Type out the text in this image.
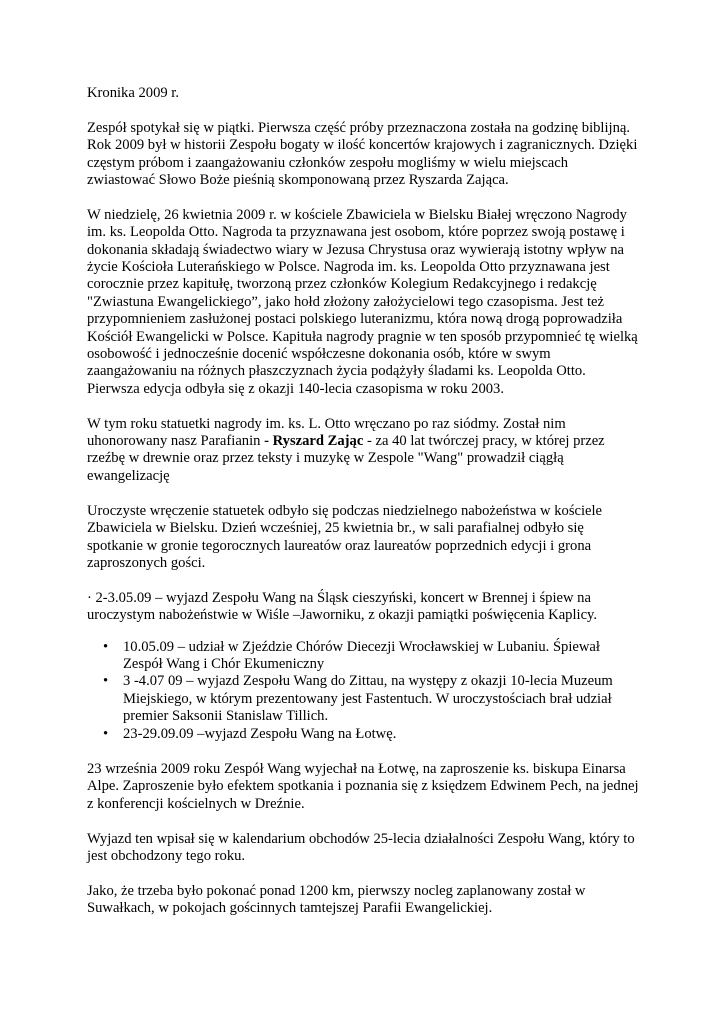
Kronika 2009 r.

Zespół spotykał się w piątki. Pierwsza część próby przeznaczona została na godzinę biblijną.
Rok 2009 był w historii Zespołu bogaty w ilość koncertów krajowych i zagranicznych. Dzięki
częstym próbom i zaangażowaniu członków zespołu mogliśmy w wielu miejscach
zwiastować Słowo Boże pieśnią skomponowaną przez Ryszarda Zająca.

W niedzielę, 26 kwietnia 2009 r. w kościele Zbawiciela w Bielsku Białej wręczono Nagrody
im. ks. Leopolda Otto. Nagroda ta przyznawana jest osobom, które poprzez swoją postawę i
dokonania składają świadectwo wiary w Jezusa Chrystusa oraz wywierają istotny wpływ na
życie Kościoła Luterańskiego w Polsce. Nagroda im. ks. Leopolda Otto przyznawana jest
corocznie przez kapitułę, tworzoną przez członków Kolegium Redakcyjnego i redakcję
"Zwiastuna Ewangelickiego”, jako hołd złożony założycielowi tego czasopisma. Jest też
przypomnieniem zasłużonej postaci polskiego luteranizmu, która nową drogą poprowadziła
Kościół Ewangelicki w Polsce. Kapituła nagrody pragnie w ten sposób przypomnieć tę wielką
osobowość i jednocześnie docenić współczesne dokonania osób, które w swym
zaangażowaniu na różnych płaszczyznach życia podążyły śladami ks. Leopolda Otto.
Pierwsza edycja odbyła się z okazji 140-lecia czasopisma w roku 2003.

W tym roku statuetki nagrody im. ks. L. Otto wręczano po raz siódmy. Został nim
uhonorowany nasz Parafianin - Ryszard Zając - za 40 lat twórczej pracy, w której przez
rzeźbę w drewnie oraz przez teksty i muzykę w Zespole "Wang" prowadził ciągłą
ewangelizację

Uroczyste wręczenie statuetek odbyło się podczas niedzielnego nabożeństwa w kościele
Zbawiciela w Bielsku. Dzień wcześniej, 25 kwietnia br., w sali parafialnej odbyło się
spotkanie w gronie tegorocznych laureatów oraz laureatów poprzednich edycji i grona
zaproszonych gości.

· 2-3.05.09 – wyjazd Zespołu Wang na Śląsk cieszyński, koncert w Brennej i śpiew na
uroczystym nabożeństwie w Wiśle –Jaworniku, z okazji pamiątki poświęcenia Kaplicy.

• 10.05.09 – udział w Zjeździe Chórów Diecezji Wrocławskiej w Lubaniu. Śpiewał
Zespół Wang i Chór Ekumeniczny
• 3 -4.07 09 – wyjazd Zespołu Wang do Zittau, na występy z okazji 10-lecia Muzeum
Miejskiego, w którym prezentowany jest Fastentuch. W uroczystościach brał udział
premier Saksonii Stanislaw Tillich.
• 23-29.09.09 –wyjazd Zespołu Wang na Łotwę.

23 września 2009 roku Zespół Wang wyjechał na Łotwę, na zaproszenie ks. biskupa Einarsa
Alpe. Zaproszenie było efektem spotkania i poznania się z księdzem Edwinem Pech, na jednej
z konferencji kościelnych w Dreźnie.

Wyjazd ten wpisał się w kalendarium obchodów 25-lecia działalności Zespołu Wang, który to
jest obchodzony tego roku.

Jako, że trzeba było pokonać ponad 1200 km, pierwszy nocleg zaplanowany został w
Suwałkach, w pokojach gościnnych tamtejszej Parafii Ewangelickiej.
